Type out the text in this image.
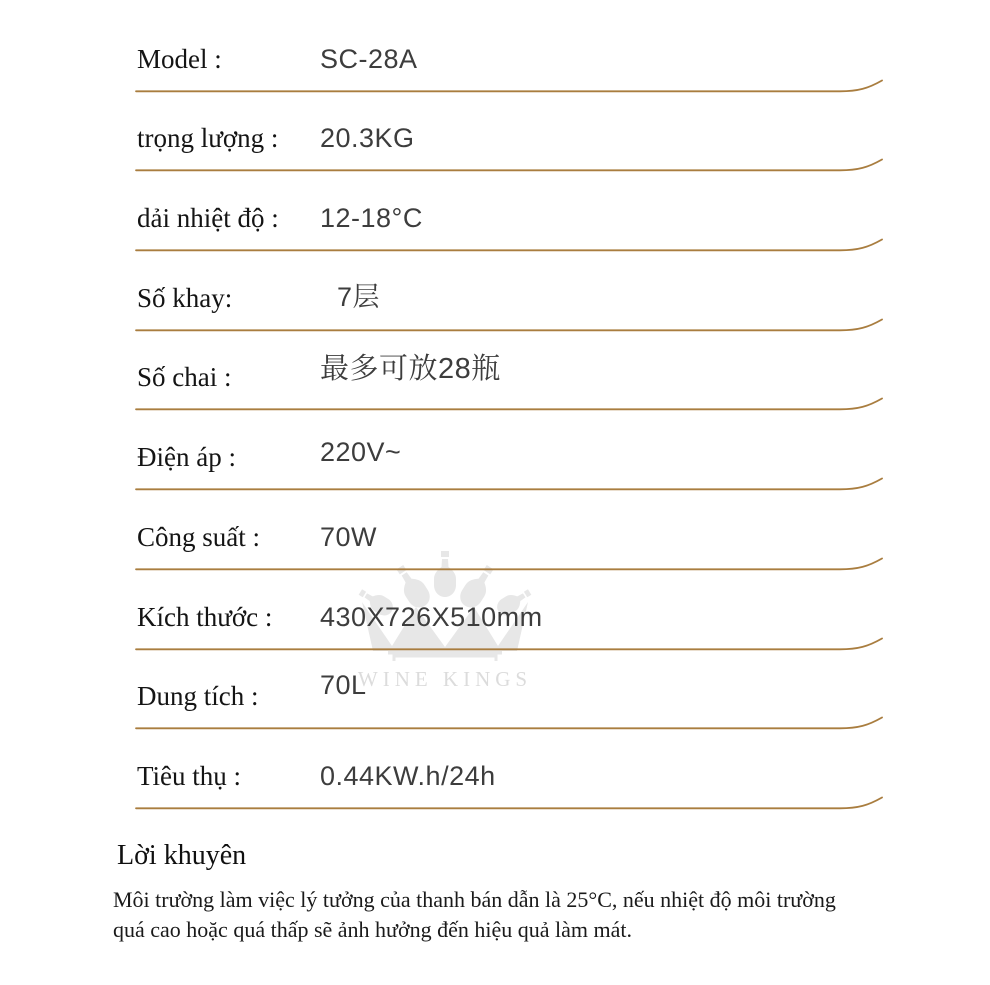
WINE KINGS
Model :	SC-28A
trọng lượng : 20.3KG
dải nhiệt độ : 12-18°C
Số khay:	7层
Số chai :	最多可放28瓶
Điện áp :	220V~
Công suất : 70W
Kích thước : 430X726X510mm
Dung tích : 70L
Tiêu thụ :	0.44KW.h/24h
Lời khuyên
Môi trường làm việc lý tưởng của thanh bán dẫn là 25°C, nếu nhiệt độ môi trường
quá cao hoặc quá thấp sẽ ảnh hưởng đến hiệu quả làm mát.
